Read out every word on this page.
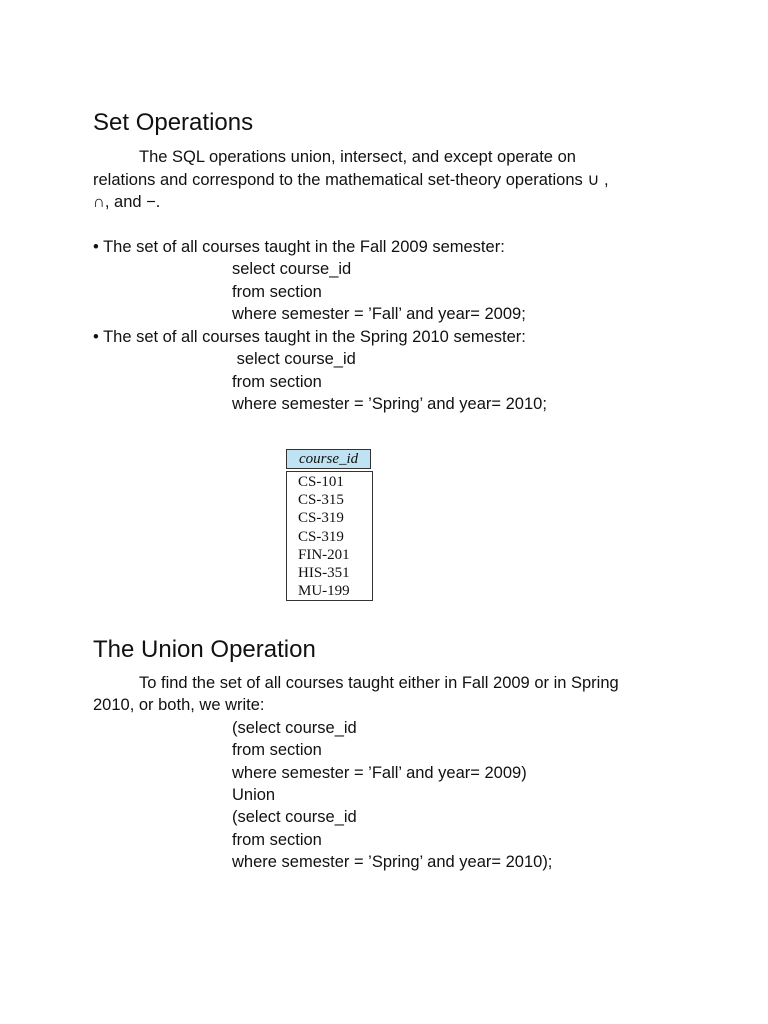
Set Operations
The SQL operations union, intersect, and except operate on
relations and correspond to the mathematical set-theory operations ∪ ,
∩, and −.
• The set of all courses taught in the Fall 2009 semester:
select course_id
from section
where semester = ’Fall’ and year= 2009;
• The set of all courses taught in the Spring 2010 semester:
select course_id
from section
where semester = ’Spring’ and year= 2010;
course_id
CS-101
CS-315
CS-319
CS-319
FIN-201
HIS-351
MU-199
The Union Operation
To find the set of all courses taught either in Fall 2009 or in Spring
2010, or both, we write:
(select course_id
from section
where semester = ’Fall’ and year= 2009)
Union
(select course_id
from section
where semester = ’Spring’ and year= 2010);
